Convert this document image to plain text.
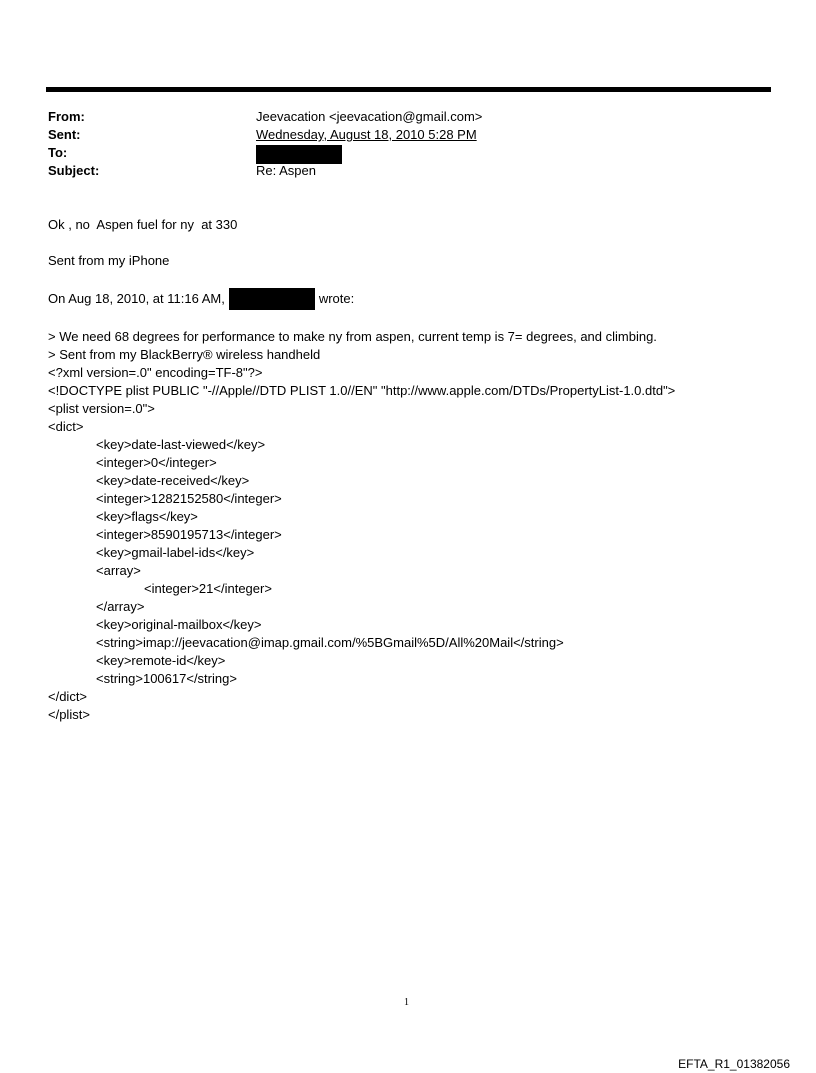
From:	Jeevacation <jeevacation@gmail.com>
Sent:	Wednesday, August 18, 2010 5:28 PM
To:
Subject:	Re: Aspen

Ok , no  Aspen fuel for ny  at 330

Sent from my iPhone

On Aug 18, 2010, at 11:16 AM,	wrote:

> We need 68 degrees for performance to make ny from aspen, current temp is 7= degrees, and climbing.

> Sent from my BlackBerry® wireless handheld

<?xml version=.0" encoding=TF-8"?>

<!DOCTYPE plist PUBLIC "-//Apple//DTD PLIST 1.0//EN" "http://www.apple.com/DTDs/PropertyList-1.0.dtd">

<plist version=.0">

<dict>

<key>date-last-viewed</key>

<integer>0</integer>

<key>date-received</key>

<integer>1282152580</integer>

<key>flags</key>

<integer>8590195713</integer>

<key>gmail-label-ids</key>

<array>

<integer>21</integer>

</array>

<key>original-mailbox</key>

<string>imap://jeevacation@imap.gmail.com/%5BGmail%5D/All%20Mail</string>

<key>remote-id</key>

<string>100617</string>

</dict>

</plist>

1
EFTA_R1_01382056
